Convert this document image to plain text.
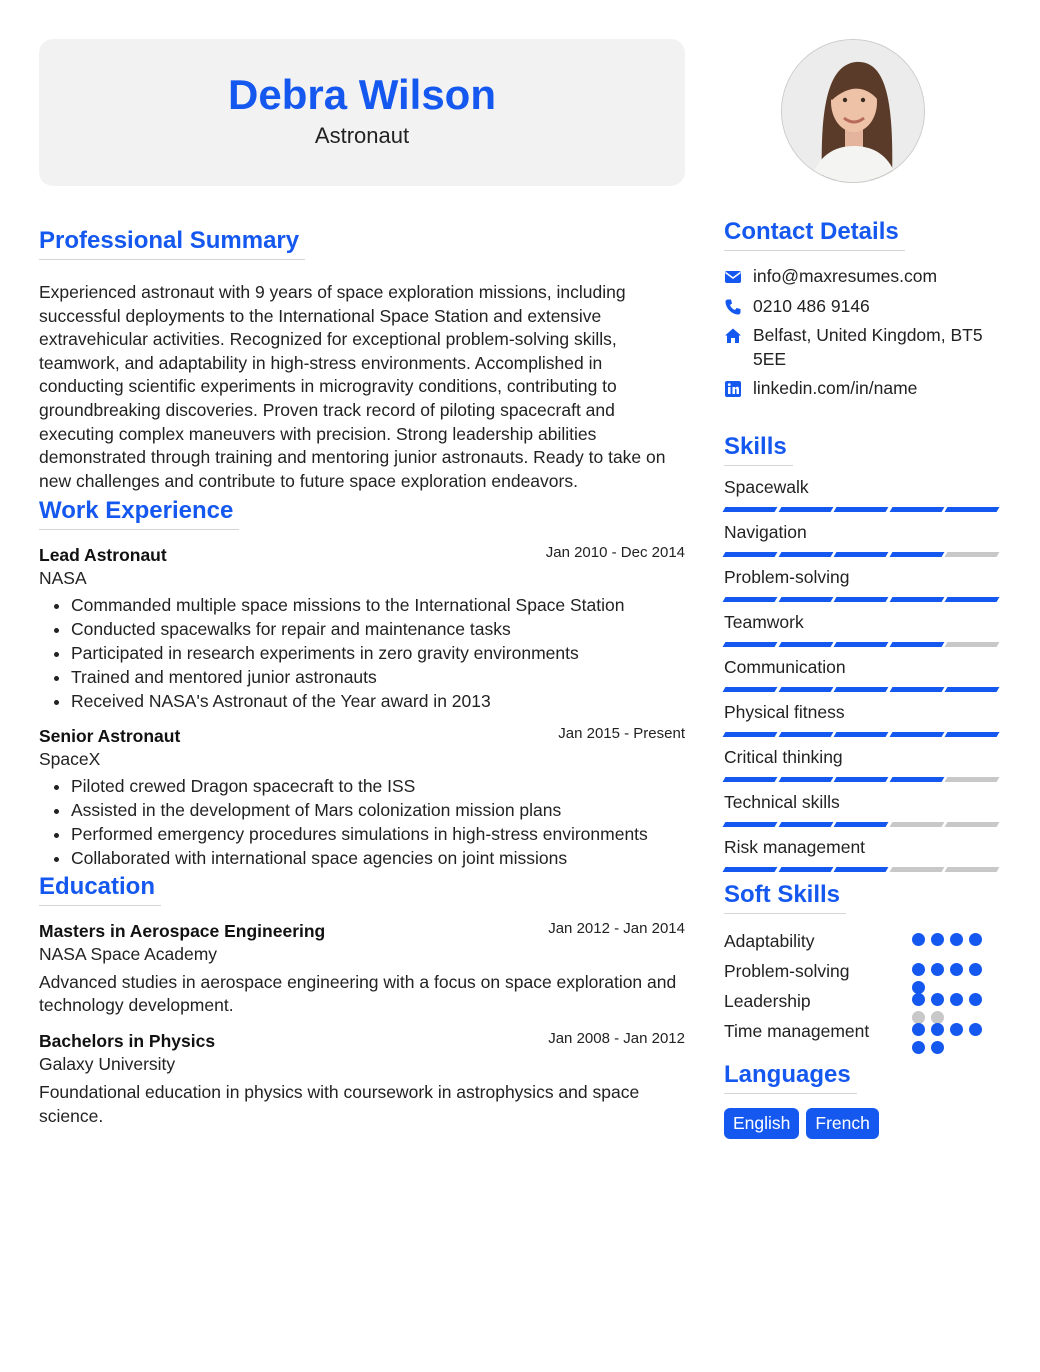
Debra Wilson
Astronaut
Professional Summary

Experienced astronaut with 9 years of space exploration missions, including successful deployments to the International Space Station and extensive extravehicular activities. Recognized for exceptional problem-solving skills, teamwork, and adaptability in high-stress environments. Accomplished in conducting scientific experiments in microgravity conditions, contributing to groundbreaking discoveries. Proven track record of piloting spacecraft and executing complex maneuvers with precision. Strong leadership abilities demonstrated through training and mentoring junior astronauts. Ready to take on new challenges and contribute to future space exploration endeavors.

Work Experience
Lead Astronaut	Jan 2010 - Dec 2014
NASA
• Commanded multiple space missions to the International Space Station
• Conducted spacewalks for repair and maintenance tasks
• Participated in research experiments in zero gravity environments
• Trained and mentored junior astronauts
• Received NASA's Astronaut of the Year award in 2013
Senior Astronaut	Jan 2015 - Present
SpaceX
• Piloted crewed Dragon spacecraft to the ISS
• Assisted in the development of Mars colonization mission plans
• Performed emergency procedures simulations in high-stress environments
• Collaborated with international space agencies on joint missions
Education
Masters in Aerospace Engineering	Jan 2012 - Jan 2014
NASA Space Academy

Advanced studies in aerospace engineering with a focus on space exploration and technology development.

Bachelors in Physics	Jan 2008 - Jan 2012
Galaxy University

Foundational education in physics with coursework in astrophysics and space science.

Contact Details
info@maxresumes.com
0210 486 9146
Belfast, United Kingdom, BT5 5EE
linkedin.com/in/name
Skills
Spacewalk
Navigation
Problem-solving
Teamwork
Communication
Physical fitness
Critical thinking
Technical skills
Risk management
Soft Skills
Adaptability
Problem-solving
Leadership
Time management
Languages
English	French
